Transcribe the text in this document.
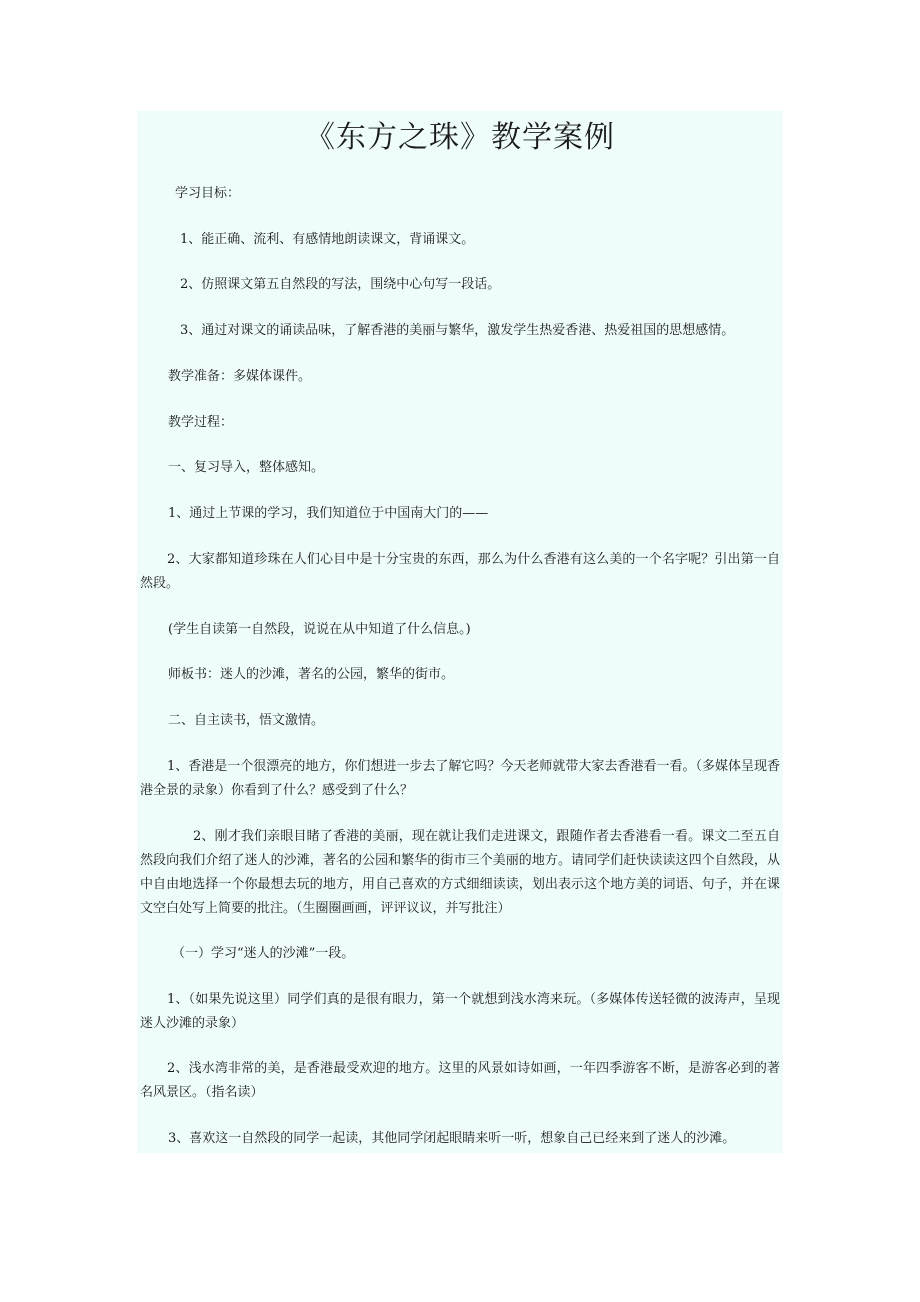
《东方之珠》教学案例

学习目标：

1、能正确、流利、有感情地朗读课文，背诵课文。

2、仿照课文第五自然段的写法，围绕中心句写一段话。

3、通过对课文的诵读品味，了解香港的美丽与繁华，激发学生热爱香港、热爱祖国的思想感情。

教学准备：多媒体课件。

教学过程：

一、复习导入，整体感知。

1、通过上节课的学习，我们知道位于中国南大门的——

2、大家都知道珍珠在人们心目中是十分宝贵的东西，那么为什么香港有这么美的一个名字呢？引出第一自然段。

(学生自读第一自然段，说说在从中知道了什么信息。)

师板书：迷人的沙滩，著名的公园，繁华的街市。

二、自主读书，悟文激情。

1、香港是一个很漂亮的地方，你们想进一步去了解它吗？今天老师就带大家去香港看一看。（多媒体呈现香港全景的录象）你看到了什么？感受到了什么？

2、刚才我们亲眼目睹了香港的美丽，现在就让我们走进课文，跟随作者去香港看一看。课文二至五自然段向我们介绍了迷人的沙滩，著名的公园和繁华的街市三个美丽的地方。请同学们赶快读读这四个自然段，从中自由地选择一个你最想去玩的地方，用自己喜欢的方式细细读读，划出表示这个地方美的词语、句子，并在课文空白处写上简要的批注。（生圈圈画画，评评议议，并写批注）

（一）学习“迷人的沙滩”一段。

1、（如果先说这里）同学们真的是很有眼力，第一个就想到浅水湾来玩。（多媒体传送轻微的波涛声，呈现迷人沙滩的录象）

2、浅水湾非常的美，是香港最受欢迎的地方。这里的风景如诗如画，一年四季游客不断，是游客必到的著名风景区。（指名读）

3、喜欢这一自然段的同学一起读，其他同学闭起眼睛来听一听，想象自己已经来到了迷人的沙滩。
